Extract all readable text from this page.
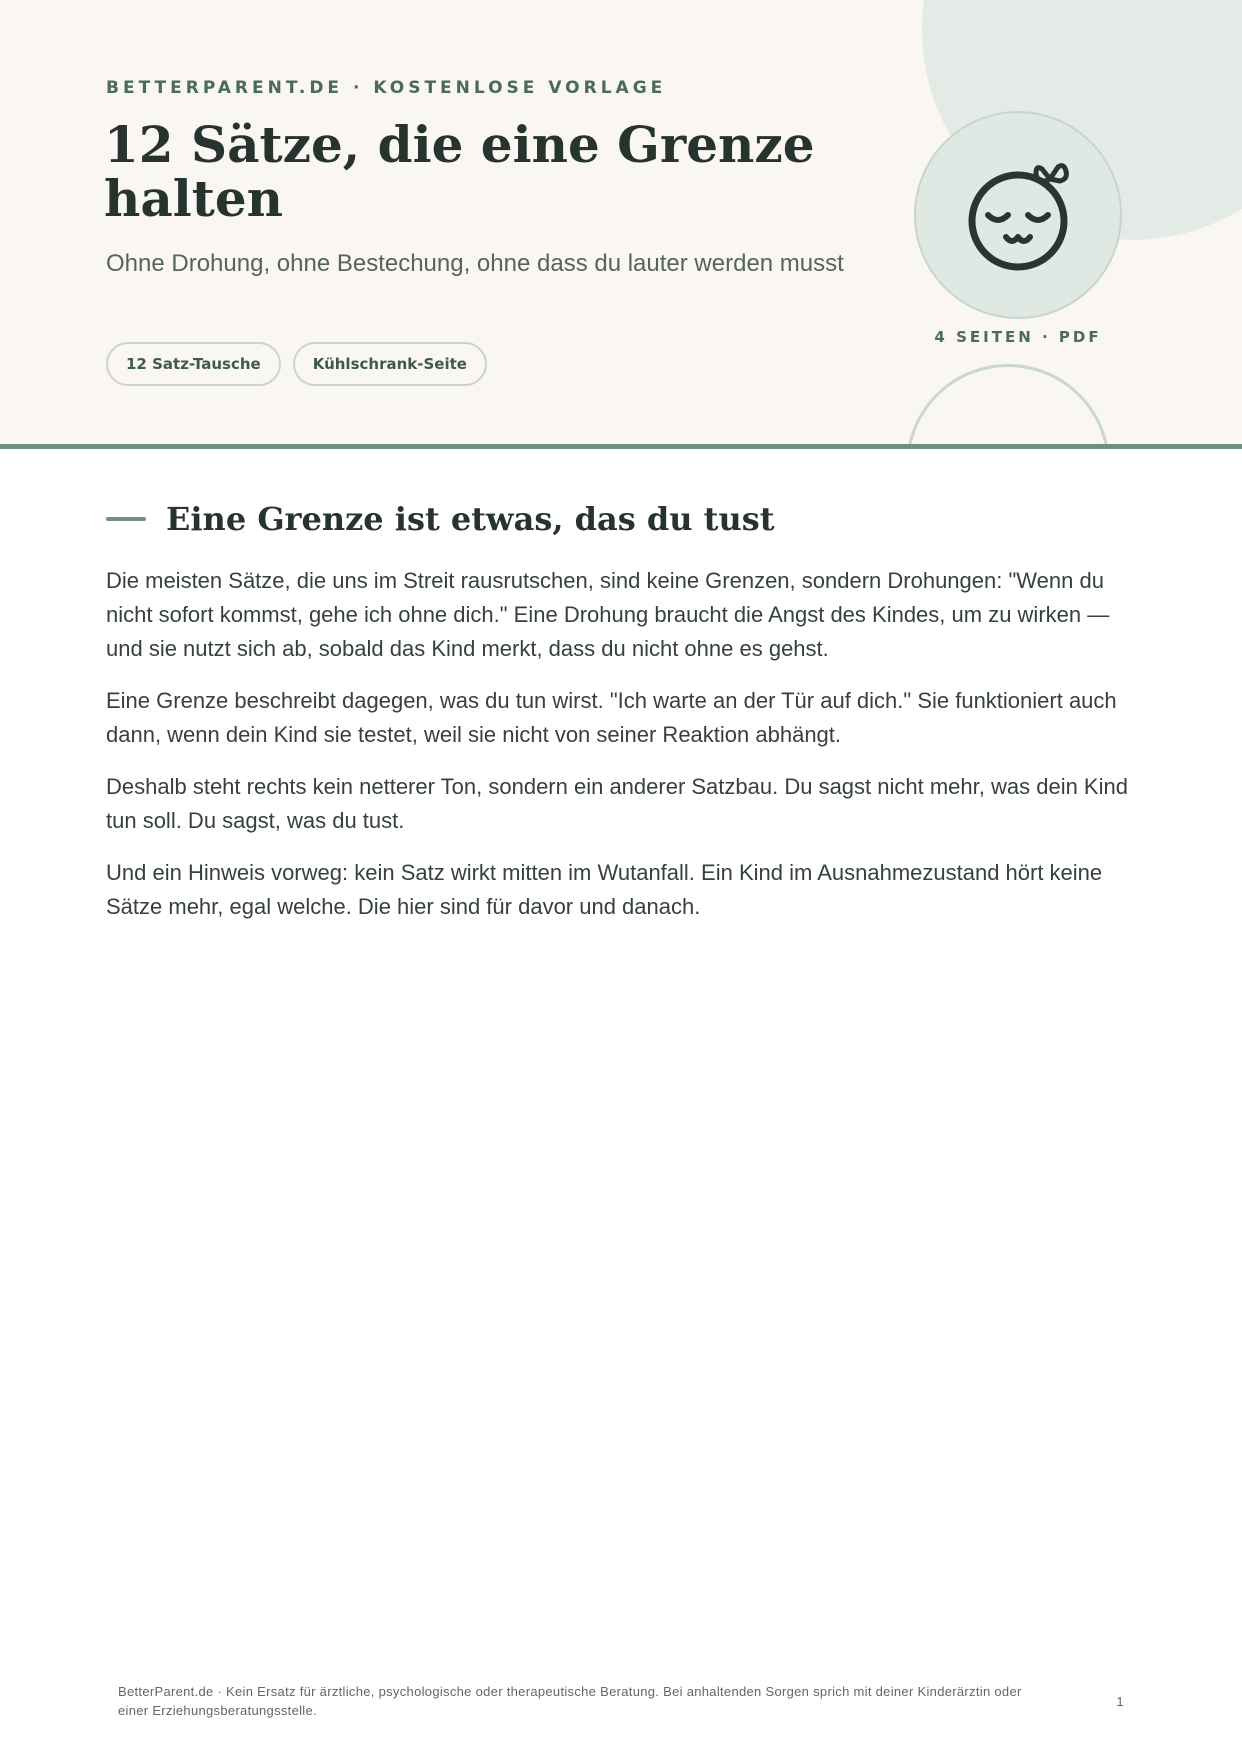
BETTERPARENT.DE · KOSTENLOSE VORLAGE
12 Sätze, die eine Grenze halten
Ohne Drohung, ohne Bestechung, ohne dass du lauter werden musst
12 Satz-Tausche	Kühlschrank-Seite
4 SEITEN · PDF
Eine Grenze ist etwas, das du tust

Die meisten Sätze, die uns im Streit rausrutschen, sind keine Grenzen, sondern Drohungen: "Wenn du nicht sofort kommst, gehe ich ohne dich." Eine Drohung braucht die Angst des Kindes, um zu wirken — und sie nutzt sich ab, sobald das Kind merkt, dass du nicht ohne es gehst.

Eine Grenze beschreibt dagegen, was du tun wirst. "Ich warte an der Tür auf dich." Sie funktioniert auch dann, wenn dein Kind sie testet, weil sie nicht von seiner Reaktion abhängt.

Deshalb steht rechts kein netterer Ton, sondern ein anderer Satzbau. Du sagst nicht mehr, was dein Kind tun soll. Du sagst, was du tust.

Und ein Hinweis vorweg: kein Satz wirkt mitten im Wutanfall. Ein Kind im Ausnahmezustand hört keine Sätze mehr, egal welche. Die hier sind für davor und danach.

BetterParent.de · Kein Ersatz für ärztliche, psychologische oder therapeutische Beratung. Bei anhaltenden Sorgen sprich mit deiner Kinderärztin oder einer Erziehungsberatungsstelle.
1
